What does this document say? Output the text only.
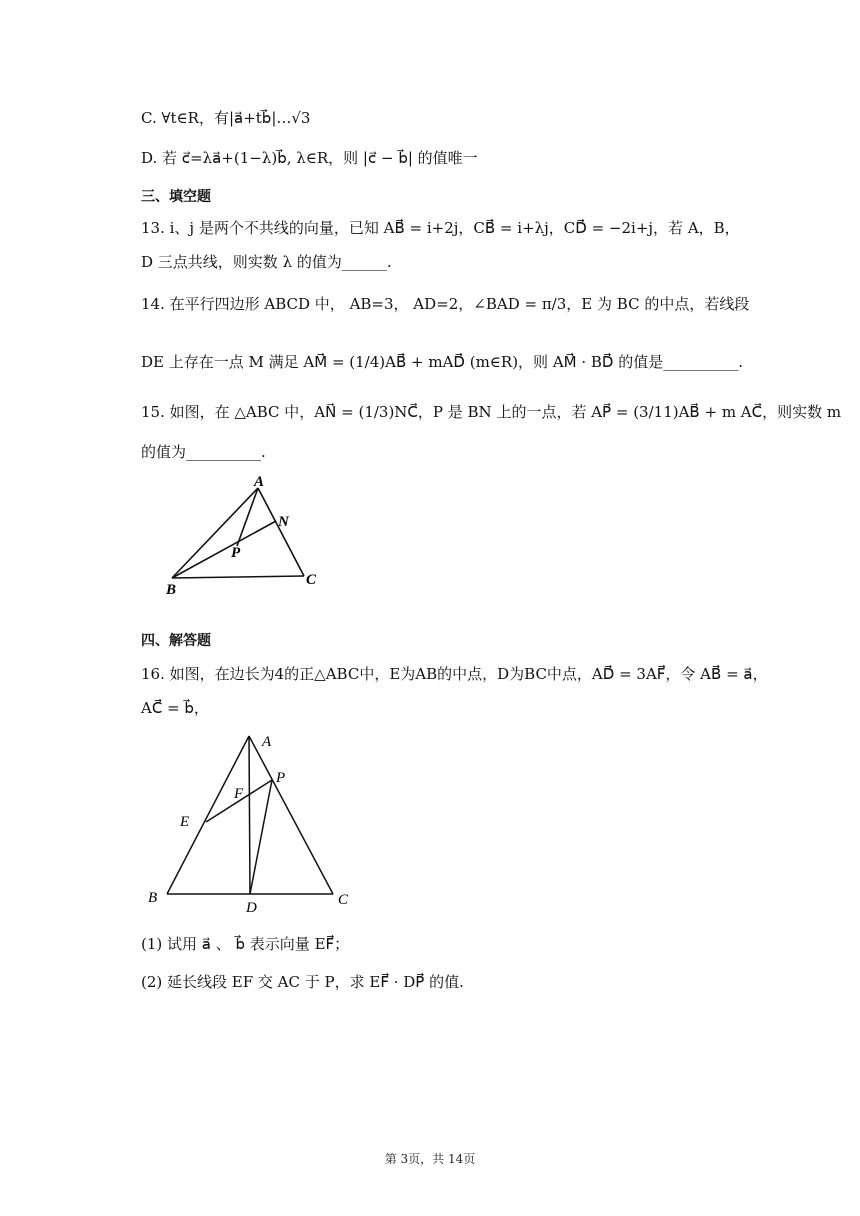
C. ∀t∈R，有|a⃗+tb⃗|…√3
D. 若 c⃗=λa⃗+(1−λ)b⃗, λ∈R，则 |c⃗ − b⃗| 的值唯一
三、填空题
13. i、j 是两个不共线的向量，已知 AB⃗⃗ = i+2j，CB⃗⃗ = i+λj，CD⃗⃗ = −2i+j，若 A，B，
D 三点共线，则实数 λ 的值为______.
14. 在平行四边形 ABCD 中， AB=3， AD=2，∠BAD = π/3，E 为 BC 的中点，若线段
DE 上存在一点 M 满足 AM⃗⃗ = (1/4)AB⃗⃗ + mAD⃗⃗ (m∈R)，则 AM⃗⃗ · BD⃗⃗ 的值是__________.
15. 如图，在 △ABC 中，AN⃗ = (1/3)NC⃗，P 是 BN 上的一点，若 AP⃗ = (3/11)AB⃗ + m AC⃗，则实数 m
的值为__________.
A
N
P
B
C
四、解答题
16. 如图，在边长为4的正△ABC中，E为AB的中点，D为BC中点，AD⃗⃗ = 3AF⃗⃗，令 AB⃗⃗ = a⃗，
AC⃗⃗ = b⃗，
A
P
F
E
B
D	C
(1) 试用 a⃗ 、 b⃗ 表示向量 EF⃗⃗；
(2) 延长线段 EF 交 AC 于 P，求 EF⃗⃗ · DP⃗⃗ 的值.
第 3页，共 14页
